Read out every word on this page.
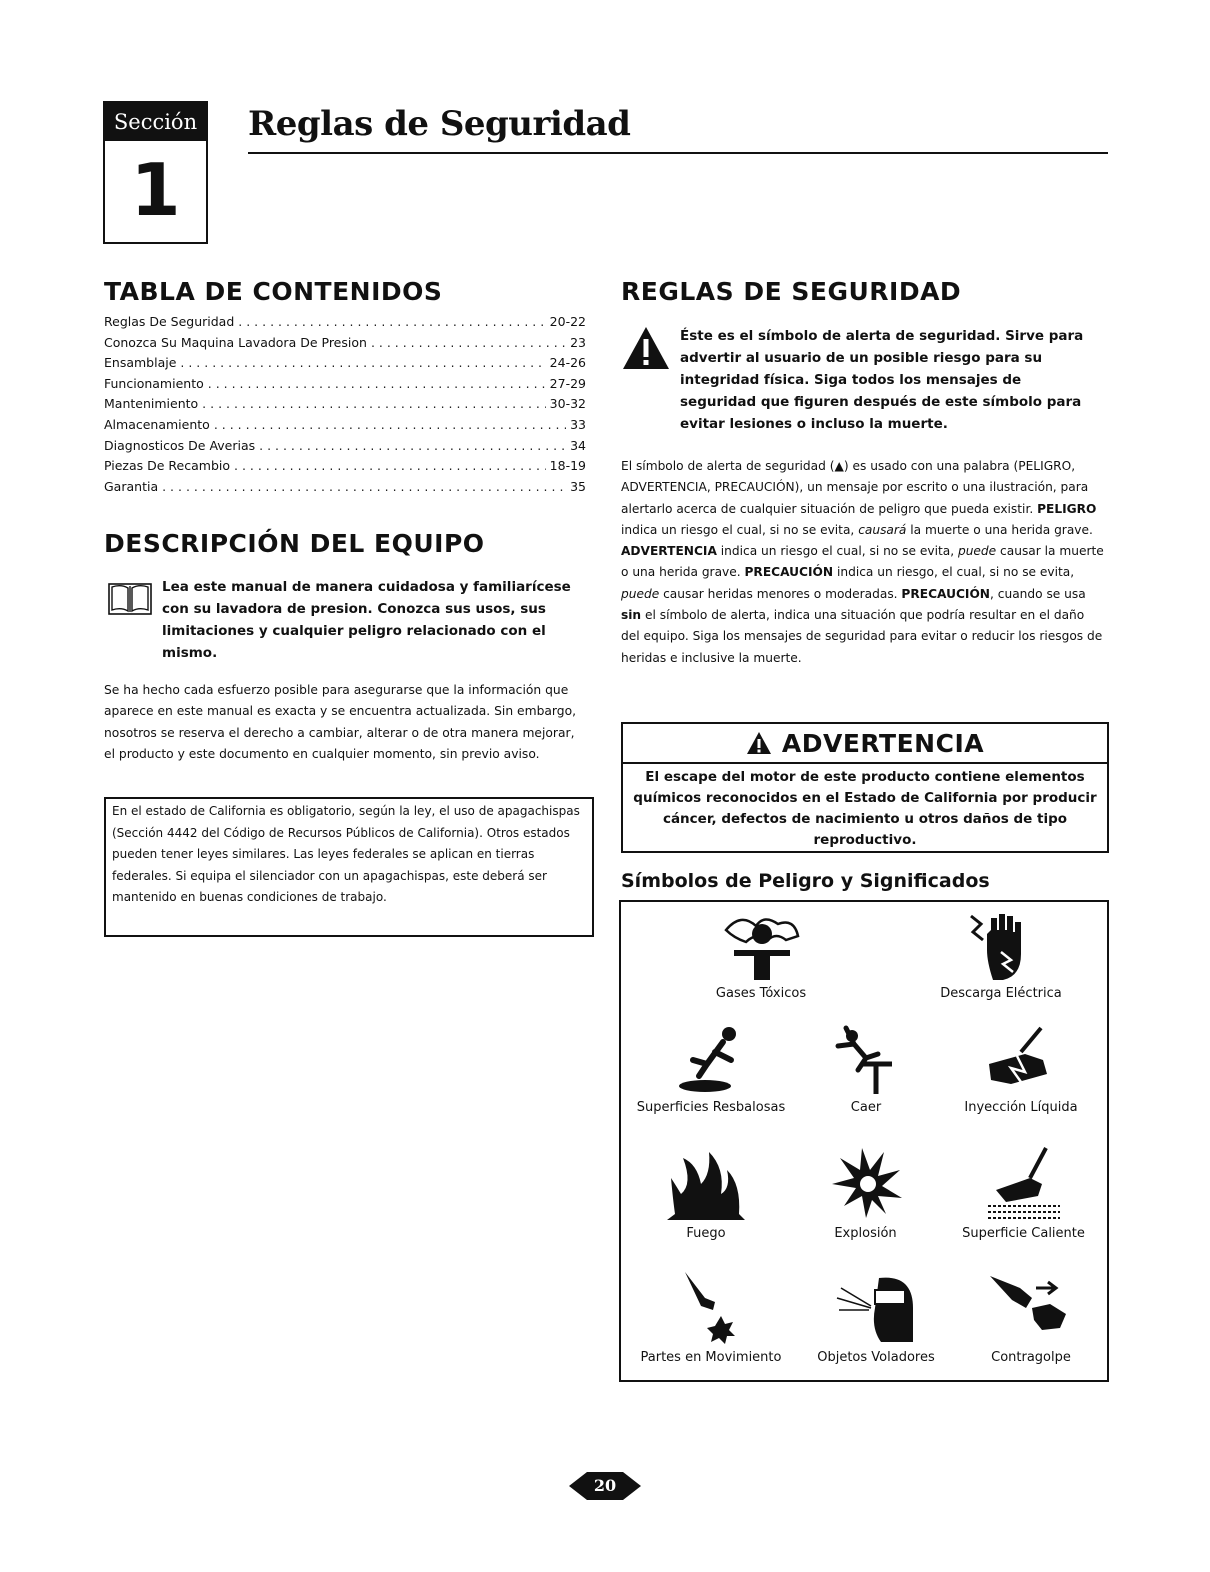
Sección
1
Reglas de Seguridad
TABLA DE CONTENIDOS
Reglas De Seguridad . . .	20-22
Conozca Su Maquina Lavadora De Presion . . .	23
Ensamblaje . . .	24-26
Funcionamiento . . .	27-29
Mantenimiento . . .	30-32
Almacenamiento . . .	33
Diagnosticos De Averias . . .	34
Piezas De Recambio . . .	18-19
Garantia . . .	35
DESCRIPCIÓN DEL EQUIPO
Lea este manual de manera cuidadosa y familiarícese con su lavadora de presion. Conozca sus usos, sus limitaciones y cualquier peligro relacionado con el mismo.
Se ha hecho cada esfuerzo posible para asegurarse que la información que aparece en este manual es exacta y se encuentra actualizada. Sin embargo, nosotros se reserva el derecho a cambiar, alterar o de otra manera mejorar, el producto y este documento en cualquier momento, sin previo aviso.
En el estado de California es obligatorio, según la ley, el uso de apagachispas (Sección 4442 del Código de Recursos Públicos de California). Otros estados pueden tener leyes similares. Las leyes federales se aplican en tierras federales. Si equipa el silenciador con un apagachispas, este deberá ser mantenido en buenas condiciones de trabajo.
REGLAS DE SEGURIDAD
Éste es el símbolo de alerta de seguridad. Sirve para advertir al usuario de un posible riesgo para su integridad física. Siga todos los mensajes de seguridad que figuren después de este símbolo para evitar lesiones o incluso la muerte.
El símbolo de alerta de seguridad (▲) es usado con una palabra (PELIGRO, ADVERTENCIA, PRECAUCIÓN), un mensaje por escrito o una ilustración, para alertarlo acerca de cualquier situación de peligro que pueda existir. PELIGRO indica un riesgo el cual, si no se evita, causará la muerte o una herida grave. ADVERTENCIA indica un riesgo el cual, si no se evita, puede causar la muerte o una herida grave. PRECAUCIÓN indica un riesgo, el cual, si no se evita, puede causar heridas menores o moderadas. PRECAUCIÓN, cuando se usa sin el símbolo de alerta, indica una situación que podría resultar en el daño del equipo. Siga los mensajes de seguridad para evitar o reducir los riesgos de heridas e inclusive la muerte.
ADVERTENCIA
El escape del motor de este producto contiene elementos químicos reconocidos en el Estado de California por producir cáncer, defectos de nacimiento u otros daños de tipo reproductivo.
Símbolos de Peligro y Significados
Gases Tóxicos	Descarga Eléctrica
Superficies Resbalosas	Caer	Inyección Líquida
Fuego	Explosión	Superficie Caliente
Partes en Movimiento	Objetos Voladores	Contragolpe
20
